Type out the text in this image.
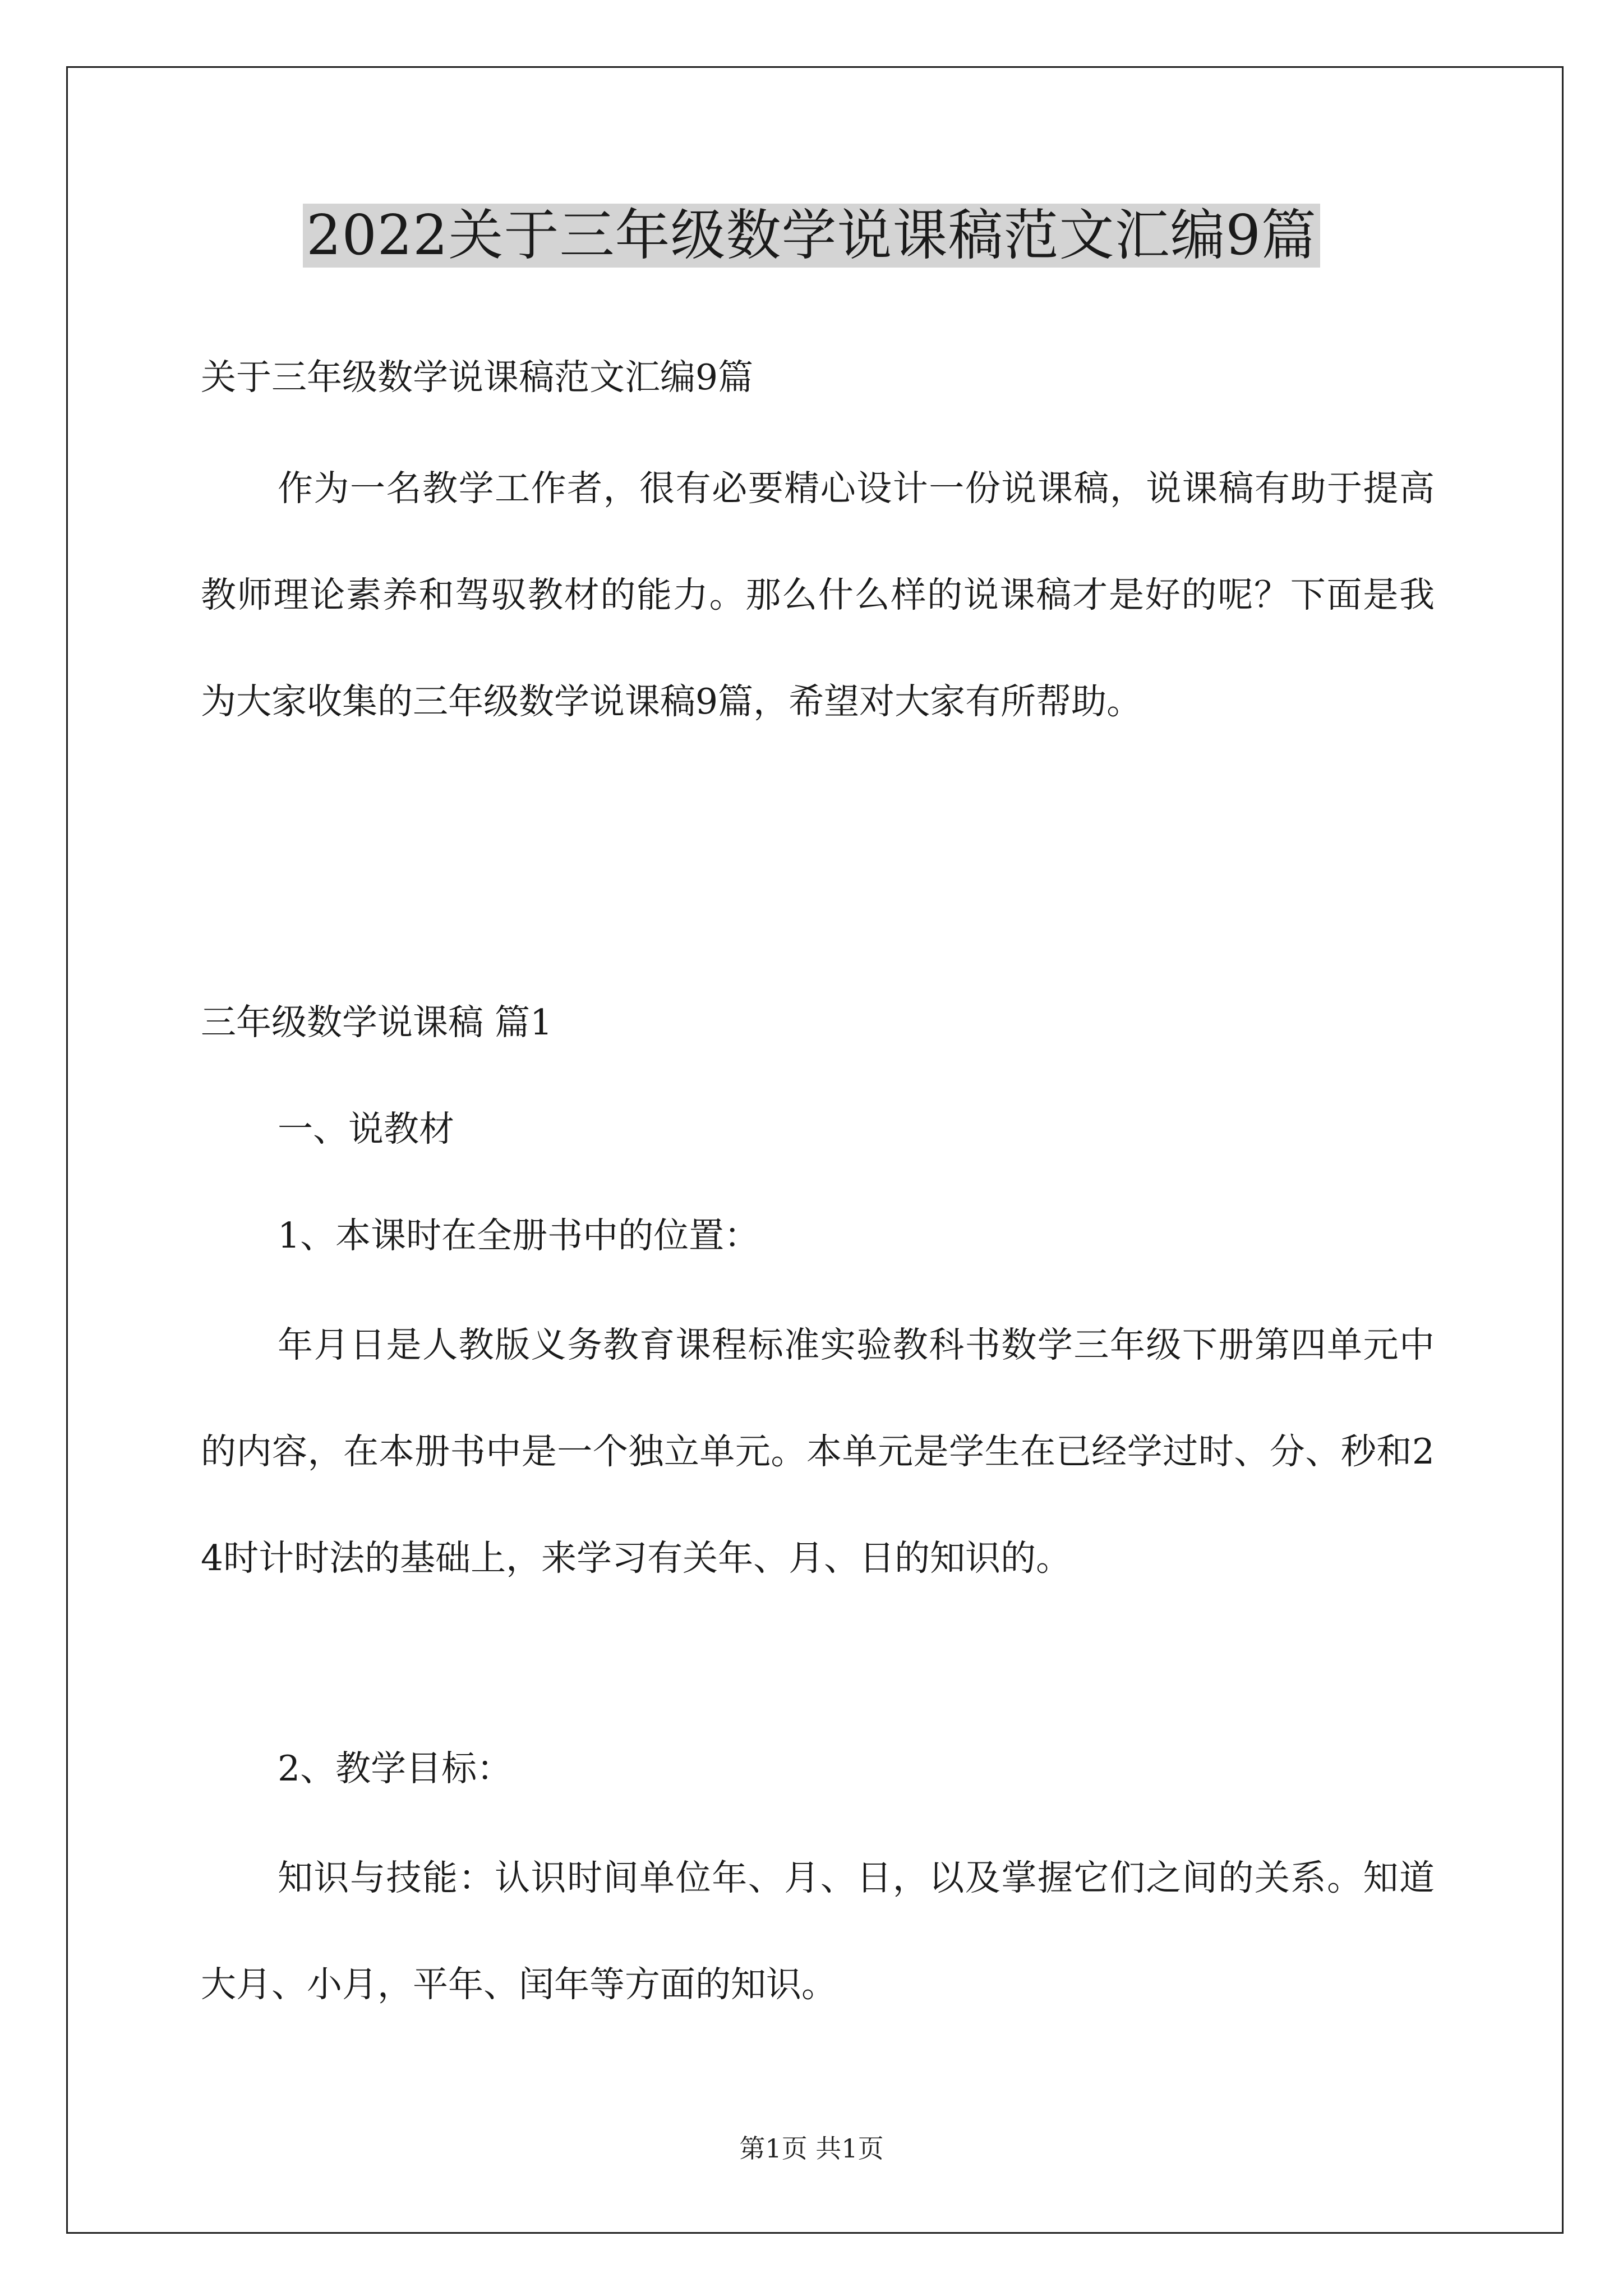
2022关于三年级数学说课稿范文汇编9篇
关于三年级数学说课稿范文汇编9篇

作为一名教学工作者，很有必要精心设计一份说课稿，说课稿有助于提高教师理论素养和驾驭教材的能力。那么什么样的说课稿才是好的呢？下面是我为大家收集的三年级数学说课稿9篇，希望对大家有所帮助。

三年级数学说课稿 篇1
一、说教材
1、本课时在全册书中的位置：

年月日是人教版义务教育课程标准实验教科书数学三年级下册第四单元中的内容，在本册书中是一个独立单元。本单元是学生在已经学过时、分、秒和24时计时法的基础上，来学习有关年、月、日的知识的。

2、教学目标：

知识与技能：认识时间单位年、月、日，以及掌握它们之间的关系。知道大月、小月，平年、闰年等方面的知识。

第1页 共1页
